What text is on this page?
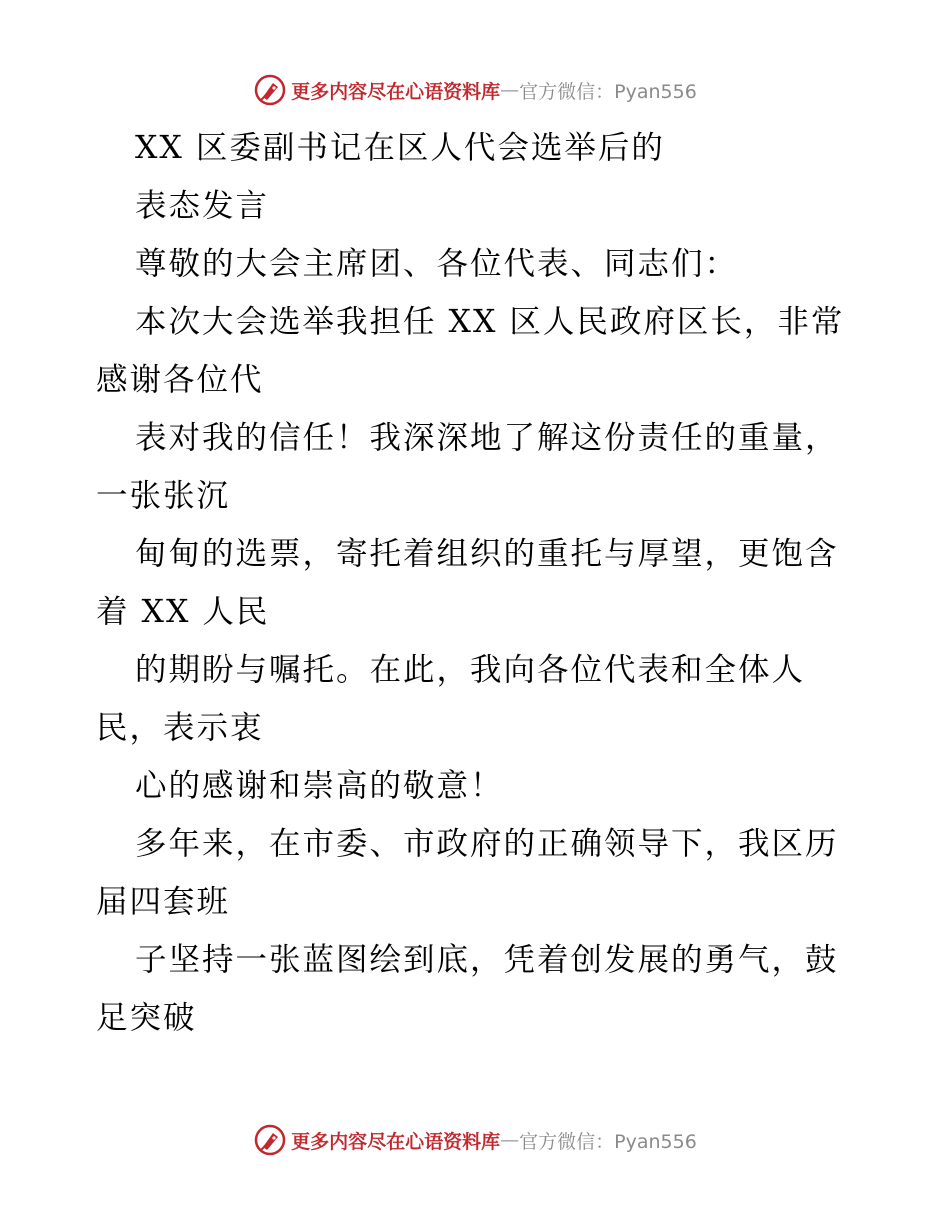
更多内容尽在心语资料库 — 官方微信：Pyan556
XX 区委副书记在区人代会选举后的
表态发言
尊敬的大会主席团、各位代表、同志们：
本次大会选举我担任 XX 区人民政府区长，非常
感谢各位代
表对我的信任！我深深地了解这份责任的重量，
一张张沉
甸甸的选票，寄托着组织的重托与厚望，更饱含
着 XX 人民
的期盼与嘱托。在此，我向各位代表和全体人
民，表示衷
心的感谢和崇高的敬意！
多年来，在市委、市政府的正确领导下，我区历
届四套班
子坚持一张蓝图绘到底，凭着创发展的勇气，鼓
足突破
更多内容尽在心语资料库 — 官方微信：Pyan556
